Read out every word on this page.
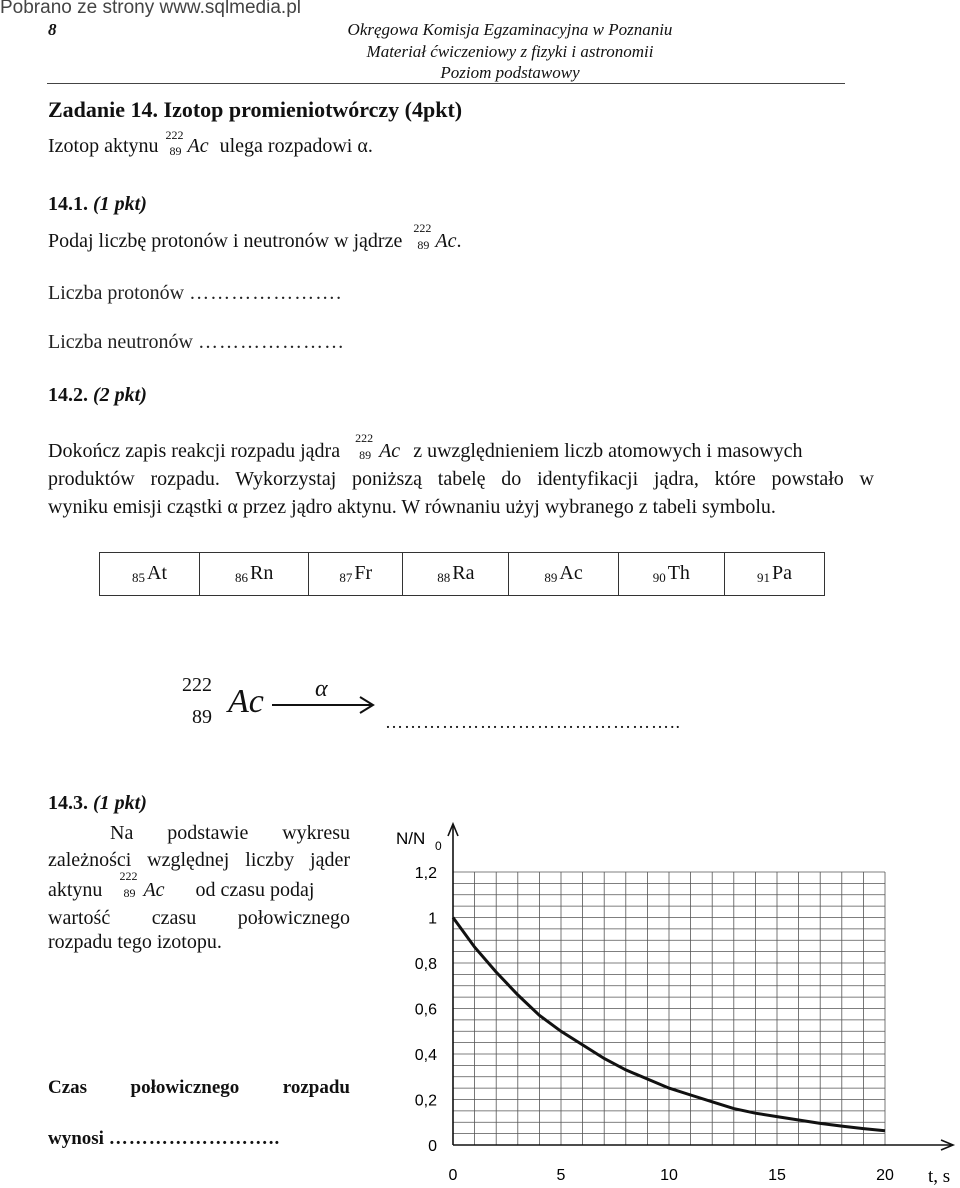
Pobrano ze strony www.sqlmedia.pl
8	Okręgowa Komisja Egzaminacyjna w Poznaniu
Materiał ćwiczeniowy z fizyki i astronomii
Poziom podstawowy
Zadanie 14. Izotop promieniotwórczy (4pkt)
Izotop aktynu 222
89 Ac ulega rozpadowi α.
14.1. (1 pkt)
Podaj liczbę protonów i neutronów w jądrze
222
89 Ac.
Liczba protonów ………………….
Liczba neutronów …………………
14.2. (2 pkt)
Dokończ zapis reakcji rozpadu jądra
222
89 Ac z uwzględnieniem liczb atomowych i masowych
produktów rozpadu. Wykorzystaj poniższą tabelę do identyfikacji jądra, które powstało w
wyniku emisji cząstki α przez jądro aktynu. W równaniu użyj wybranego z tabeli symbolu.
$_{85}$ At	$_{86}$ Rn	$_{87}$ Fr	$_{88}$ Ra	$_{89}$ Ac	$_{90}$ Th	$_{91}$ Pa
222
89 Ac α
………………………………………..
14.3. (1 pkt)
Na podstawie wykresu
zależności względnej liczby jąder
aktynu
222
89 Ac od czasu podaj
wartość czasu połowicznego
rozpadu tego izotopu.
Czas połowicznego rozpadu
wynosi ……………………..
0	5	10	15	20
0
0,2
0,4
0,6
0,8
1
1,2
N/N 0
t, s
